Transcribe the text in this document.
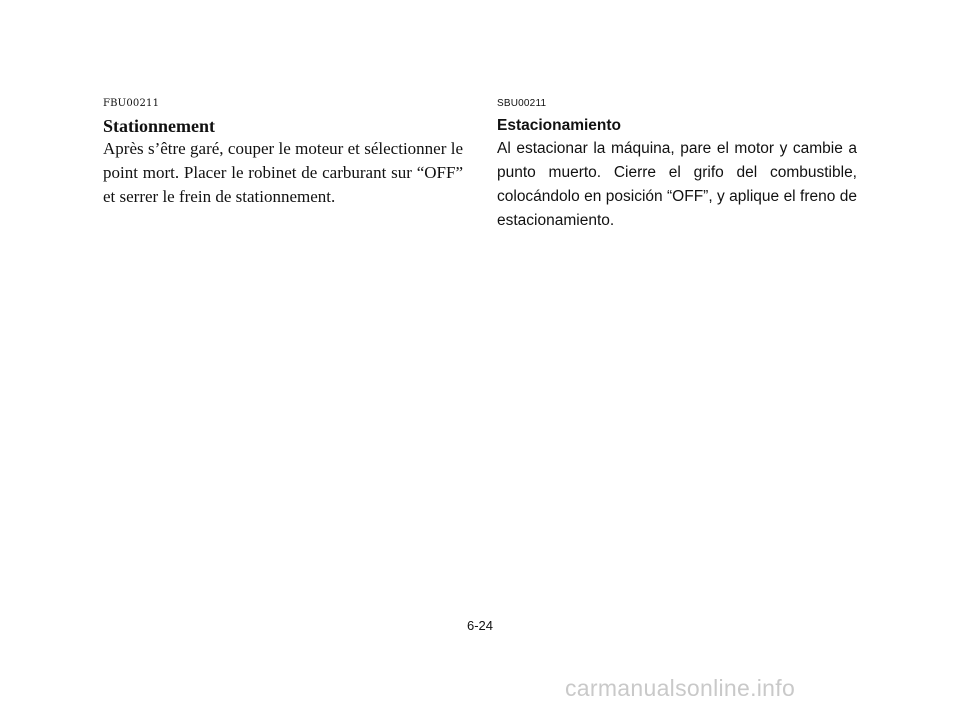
FBU00211

Stationnement

Après s’être garé, couper le moteur et sélectionner le point mort. Placer le robinet de carburant sur “OFF” et serrer le frein de stationnement.

SBU00211

Estacionamiento

Al estacionar la máquina, pare el motor y cambie a punto muerto. Cierre el grifo del combustible, colocándolo en posición “OFF”, y aplique el freno de estacionamiento.

6-24
carmanualsonline.info
